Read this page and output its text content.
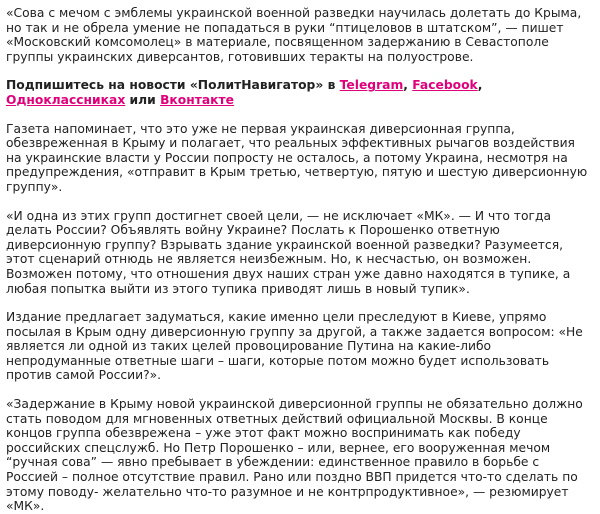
«Сова с мечом с эмблемы украинской военной разведки научилась долетать до Крыма, но так и не обрела умение не попадаться в руки “птицеловов в штатском”, — пишет «Московский комсомолец» в материале, посвященном задержанию в Севастополе группы украинских диверсантов, готовивших теракты на полуострове.

Подпишитесь на новости «ПолитНавигатор» в Telegram, Facebook, Одноклассниках или Вконтакте

Газета напоминает, что это уже не первая украинская диверсионная группа, обезвреженная в Крыму и полагает, что реальных эффективных рычагов воздействия на украинские власти у России попросту не осталось, а потому Украина, несмотря на предупреждения, «отправит в Крым третью, четвертую, пятую и шестую диверсионную группу».

«И одна из этих групп достигнет своей цели, — не исключает «МК». — И что тогда делать России? Объявлять войну Украине? Послать к Порошенко ответную диверсионную группу? Взрывать здание украинской военной разведки? Разумеется, этот сценарий отнюдь не является неизбежным. Но, к несчастью, он возможен. Возможен потому, что отношения двух наших стран уже давно находятся в тупике, а любая попытка выйти из этого тупика приводят лишь в новый тупик».

Издание предлагает задуматься, какие именно цели преследуют в Киеве, упрямо посылая в Крым одну диверсионную группу за другой, а также задается вопросом: «Не является ли одной из таких целей провоцирование Путина на какие-либо непродуманные ответные шаги – шаги, которые потом можно будет использовать против самой России?».

«Задержание в Крыму новой украинской диверсионной группы не обязательно должно стать поводом для мгновенных ответных действий официальной Москвы. В конце концов группа обезврежена – уже этот факт можно воспринимать как победу российских спецслужб. Но Петр Порошенко – или, вернее, его вооруженная мечом “ручная сова” — явно пребывает в убеждении: единственное правило в борьбе с Россией – полное отсутствие правил. Рано или поздно ВВП придется что-то сделать по этому поводу- желательно что-то разумное и не контрпродуктивное», — резюмирует «МК».
